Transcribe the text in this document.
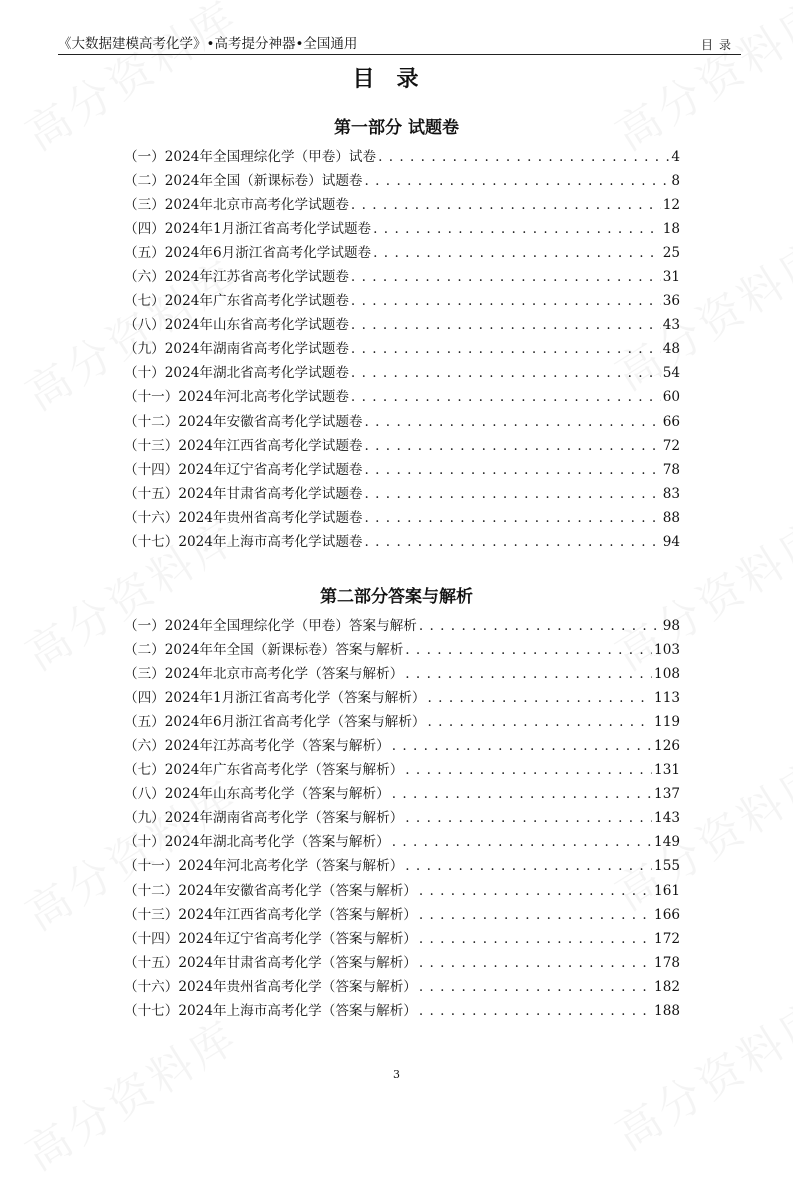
《大数据建模高考化学》•高考提分神器•全国通用	目录
目录
第一部分 试题卷
（一）2024年全国理综化学（甲卷）试卷 . . .	4
（二）2024年全国（新课标卷）试题卷 . . .	8
（三）2024年北京市高考化学试题卷 . . .	12
（四）2024年1月浙江省高考化学试题卷 . . .	18
（五）2024年6月浙江省高考化学试题卷 . . .	25
（六）2024年江苏省高考化学试题卷 . . .	31
（七）2024年广东省高考化学试题卷 . . .	36
（八）2024年山东省高考化学试题卷 . . .	43
（九）2024年湖南省高考化学试题卷 . . .	48
（十）2024年湖北省高考化学试题卷 . . .	54
（十一）2024年河北高考化学试题卷 . . .	60
（十二）2024年安徽省高考化学试题卷 . . .	66
（十三）2024年江西省高考化学试题卷 . . .	72
（十四）2024年辽宁省高考化学试题卷 . . .	78
（十五）2024年甘肃省高考化学试题卷 . . .	83
（十六）2024年贵州省高考化学试题卷 . . .	88
（十七）2024年上海市高考化学试题卷 . . .	94
第二部分答案与解析
（一）2024年全国理综化学（甲卷）答案与解析 . . .	98
（二）2024年年全国（新课标卷）答案与解析 . . .	103
（三）2024年北京市高考化学（答案与解析） . . .	108
（四）2024年1月浙江省高考化学（答案与解析） . . .	113
（五）2024年6月浙江省高考化学（答案与解析） . . .	119
（六）2024年江苏高考化学（答案与解析） . . .	126
（七）2024年广东省高考化学（答案与解析） . . .	131
（八）2024年山东高考化学（答案与解析） . . .	137
（九）2024年湖南省高考化学（答案与解析） . . .	143
（十）2024年湖北高考化学（答案与解析） . . .	149
（十一）2024年河北高考化学（答案与解析） . . .	155
（十二）2024年安徽省高考化学（答案与解析） . . .	161
（十三）2024年江西省高考化学（答案与解析） . . .	166
（十四）2024年辽宁省高考化学（答案与解析） . . .	172
（十五）2024年甘肃省高考化学（答案与解析） . . .	178
（十六）2024年贵州省高考化学（答案与解析） . . .	182
（十七）2024年上海市高考化学（答案与解析） . . .	188
3
